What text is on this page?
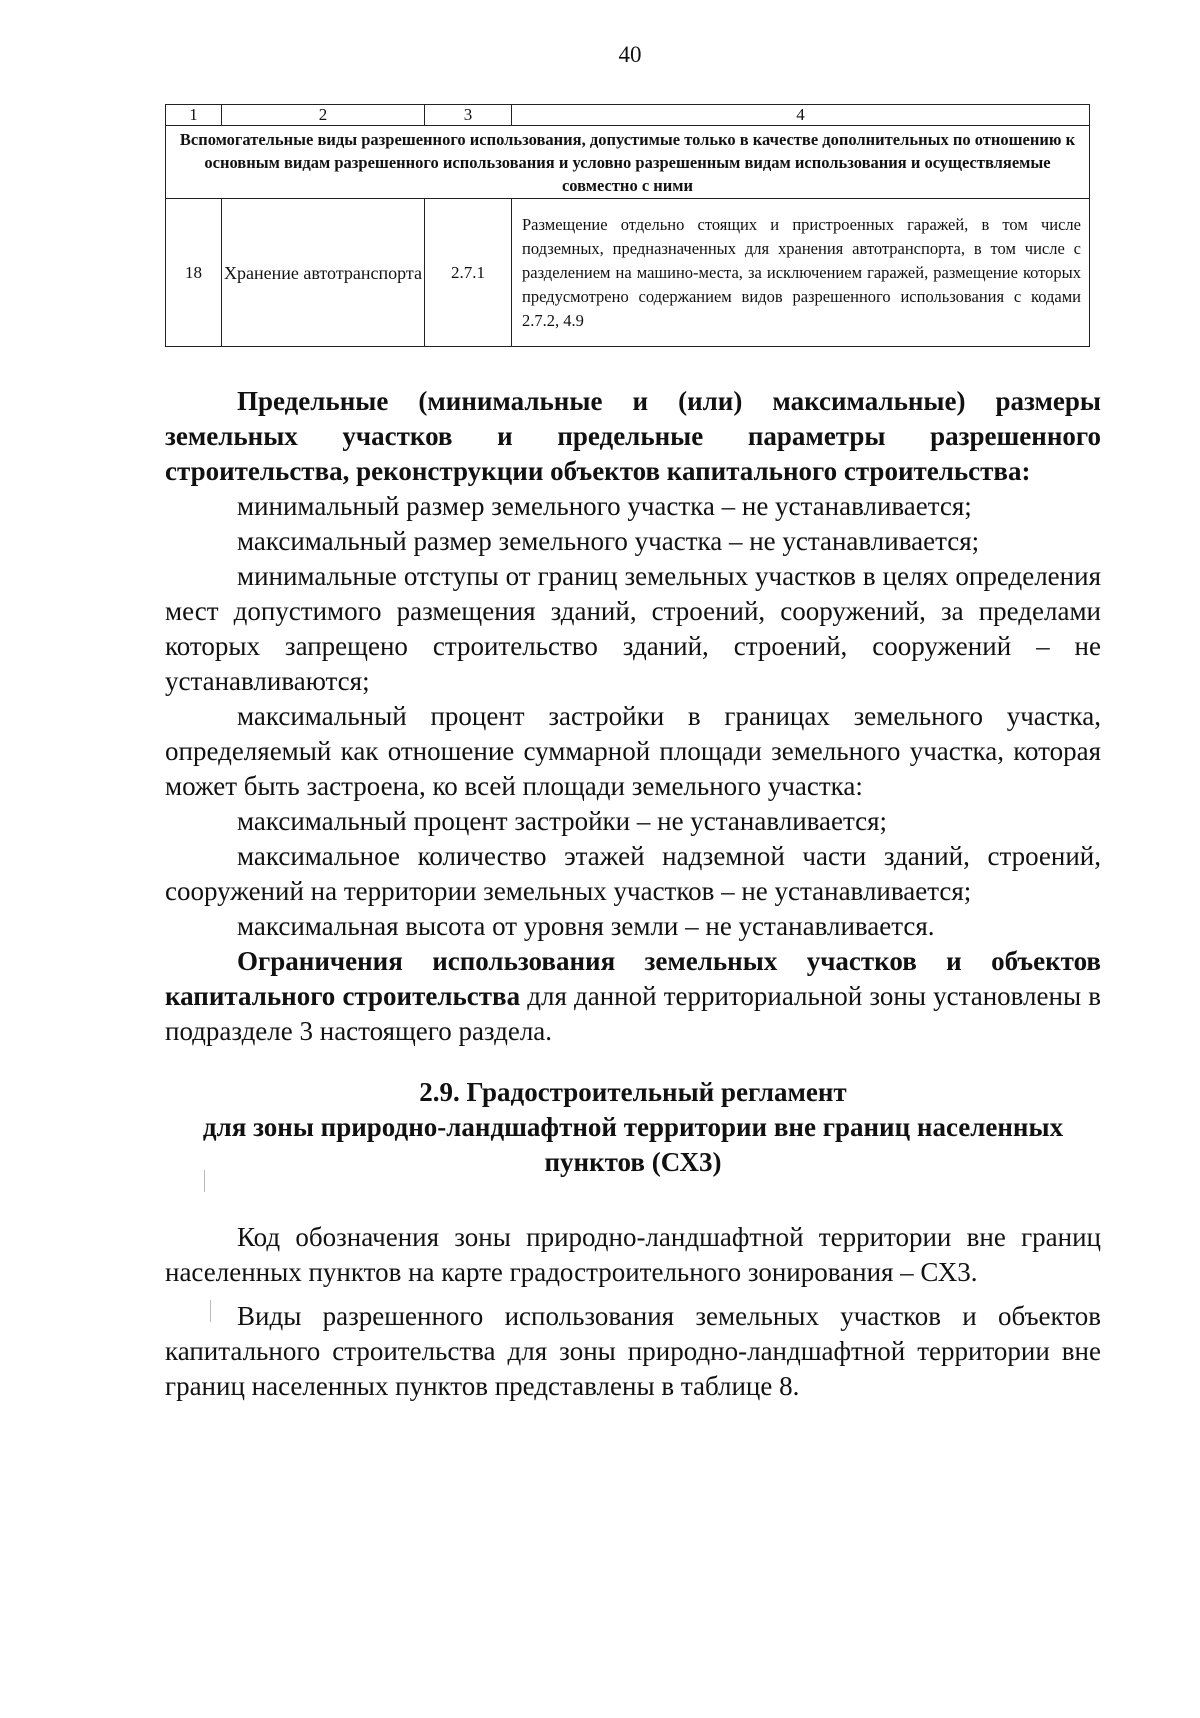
40
1	2	3	4
Вспомогательные виды разрешенного использования, допустимые только в качестве дополнительных по отношению к основным видам разрешенного использования и условно разрешенным видам использования и осуществляемые совместно с ними			
18	Хранение автотранспорта	2.7.1	Размещение отдельно стоящих и пристроенных гаражей, в том числе подземных, предназначенных для хранения автотранспорта, в том числе с разделением на машино-места, за исключением гаражей, размещение которых предусмотрено содержанием видов разрешенного использования с кодами 2.7.2, 4.9

Предельные (минимальные и (или) максимальные) размеры земельных участков и предельные параметры разрешенного строительства, реконструкции объектов капитального строительства:

минимальный размер земельного участка – не устанавливается;

максимальный размер земельного участка – не устанавливается;

минимальные отступы от границ земельных участков в целях определения мест допустимого размещения зданий, строений, сооружений, за пределами которых запрещено строительство зданий, строений, сооружений – не устанавливаются;

максимальный процент застройки в границах земельного участка, определяемый как отношение суммарной площади земельного участка, которая может быть застроена, ко всей площади земельного участка:

максимальный процент застройки – не устанавливается;

максимальное количество этажей надземной части зданий, строений, сооружений на территории земельных участков – не устанавливается;

максимальная высота от уровня земли – не устанавливается.

Ограничения использования земельных участков и объектов капитального строительства для данной территориальной зоны установлены в подразделе 3 настоящего раздела.

2.9. Градостроительный регламент
для зоны природно-ландшафтной территории вне границ населенных пунктов (СХ3)

Код обозначения зоны природно-ландшафтной территории вне границ населенных пунктов на карте градостроительного зонирования – СХ3.

Виды разрешенного использования земельных участков и объектов капитального строительства для зоны природно-ландшафтной территории вне границ населенных пунктов представлены в таблице 8.
